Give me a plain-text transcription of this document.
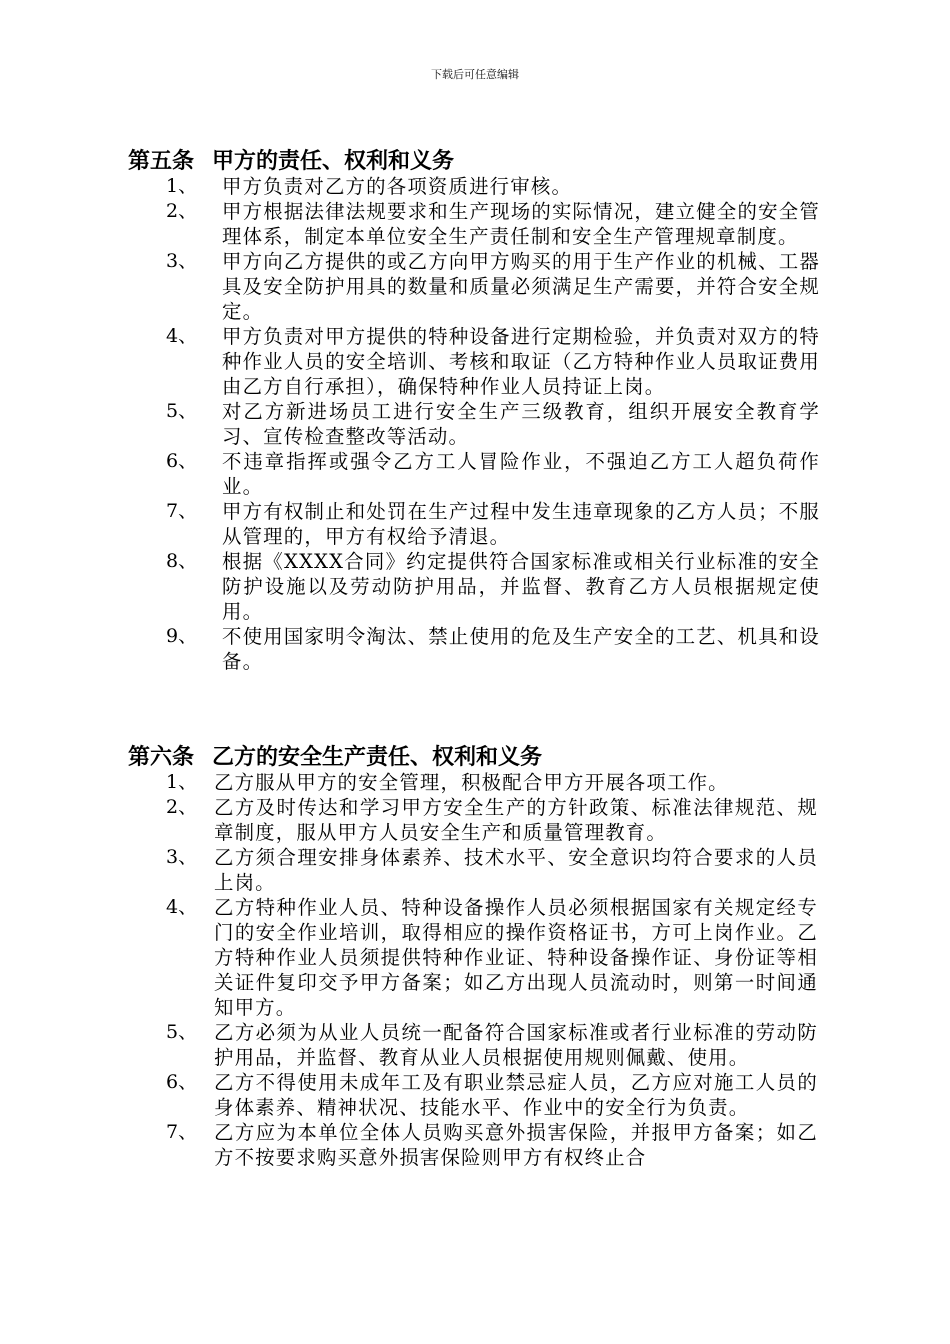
下载后可任意编辑
第五条 甲方的责任、权利和义务
1、 甲方负责对乙方的各项资质进行审核。
2、 甲方根据法律法规要求和生产现场的实际情况，建立健全的安全管理体系，制定本单位安全生产责任制和安全生产管理规章制度。
3、 甲方向乙方提供的或乙方向甲方购买的用于生产作业的机械、工器具及安全防护用具的数量和质量必须满足生产需要，并符合安全规定。
4、 甲方负责对甲方提供的特种设备进行定期检验，并负责对双方的特种作业人员的安全培训、考核和取证（乙方特种作业人员取证费用由乙方自行承担），确保特种作业人员持证上岗。
5、 对乙方新进场员工进行安全生产三级教育，组织开展安全教育学习、宣传检查整改等活动。
6、 不违章指挥或强令乙方工人冒险作业，不强迫乙方工人超负荷作业。
7、 甲方有权制止和处罚在生产过程中发生违章现象的乙方人员；不服从管理的，甲方有权给予清退。
8、 根据《XXXX合同》约定提供符合国家标准或相关行业标准的安全防护设施以及劳动防护用品，并监督、教育乙方人员根据规定使用。
9、 不使用国家明令淘汰、禁止使用的危及生产安全的工艺、机具和设备。
第六条 乙方的安全生产责任、权利和义务
1、 乙方服从甲方的安全管理，积极配合甲方开展各项工作。
2、 乙方及时传达和学习甲方安全生产的方针政策、标准法律规范、规章制度，服从甲方人员安全生产和质量管理教育。
3、 乙方须合理安排身体素养、技术水平、安全意识均符合要求的人员上岗。
4、 乙方特种作业人员、特种设备操作人员必须根据国家有关规定经专门的安全作业培训，取得相应的操作资格证书，方可上岗作业。乙方特种作业人员须提供特种作业证、特种设备操作证、身份证等相关证件复印交予甲方备案；如乙方出现人员流动时，则第一时间通知甲方。
5、 乙方必须为从业人员统一配备符合国家标准或者行业标准的劳动防护用品，并监督、教育从业人员根据使用规则佩戴、使用。
6、 乙方不得使用未成年工及有职业禁忌症人员，乙方应对施工人员的身体素养、精神状况、技能水平、作业中的安全行为负责。
7、 乙方应为本单位全体人员购买意外损害保险，并报甲方备案；如乙方不按要求购买意外损害保险则甲方有权终止合
